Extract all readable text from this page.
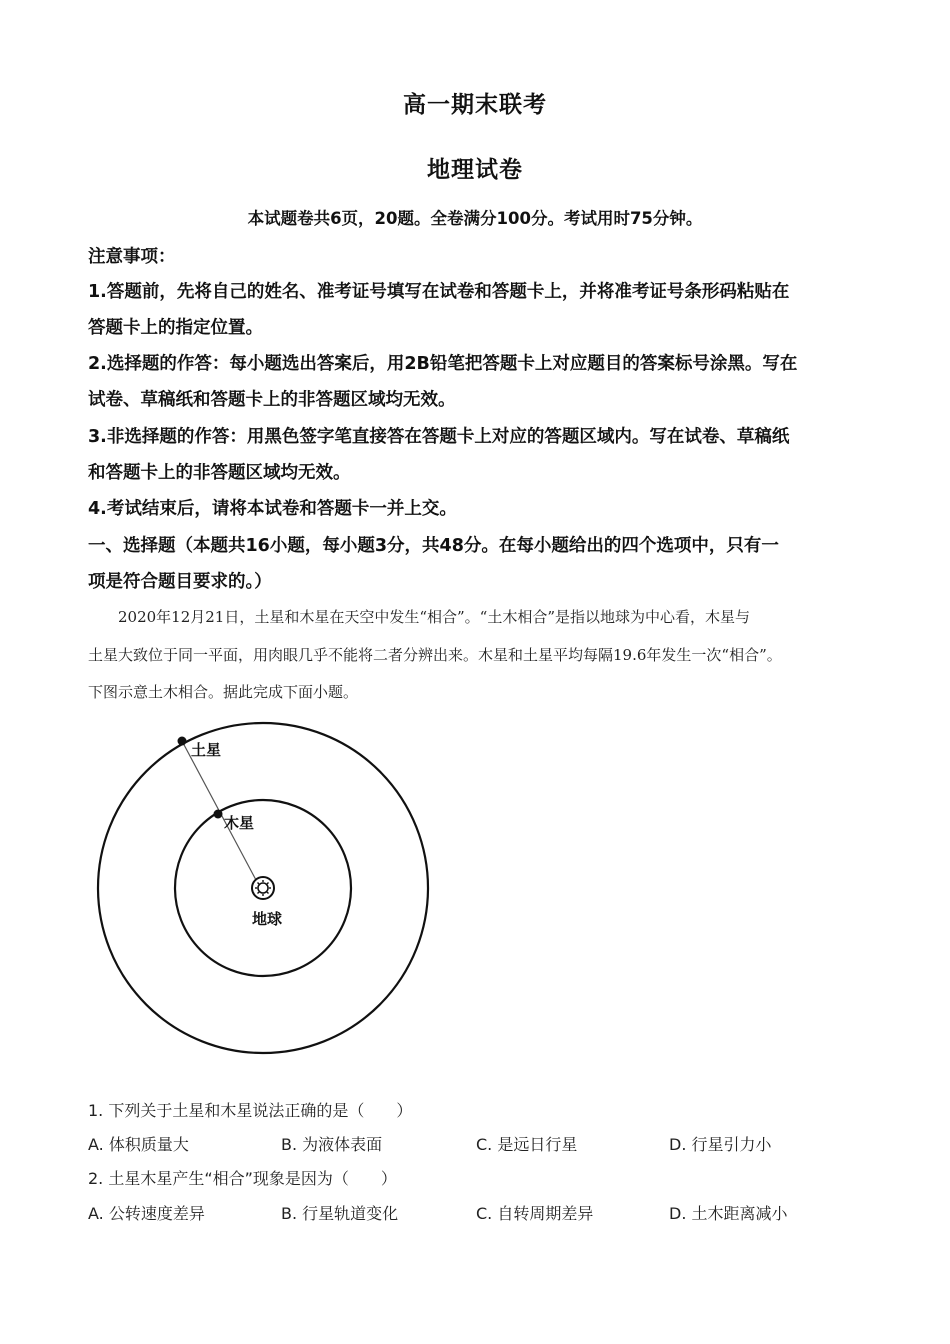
高一期末联考
地理试卷
本试题卷共6页，20题。全卷满分100分。考试用时75分钟。
注意事项：
1.答题前，先将自己的姓名、准考证号填写在试卷和答题卡上，并将准考证号条形码粘贴在
答题卡上的指定位置。
2.选择题的作答：每小题选出答案后，用2B铅笔把答题卡上对应题目的答案标号涂黑。写在
试卷、草稿纸和答题卡上的非答题区域均无效。
3.非选择题的作答：用黑色签字笔直接答在答题卡上对应的答题区域内。写在试卷、草稿纸
和答题卡上的非答题区域均无效。
4.考试结束后，请将本试卷和答题卡一并上交。
一、选择题（本题共16小题，每小题3分，共48分。在每小题给出的四个选项中，只有一
项是符合题目要求的。）
2020年12月21日，土星和木星在天空中发生“相合”。“土木相合”是指以地球为中心看，木星与
土星大致位于同一平面，用肉眼几乎不能将二者分辨出来。木星和土星平均每隔19.6年发生一次“相合”。
下图示意土木相合。据此完成下面小题。
土星
木星
地球
1. 下列关于土星和木星说法正确的是（　　）
A. 体积质量大	B. 为液体表面	C. 是远日行星	D. 行星引力小
2. 土星木星产生“相合”现象是因为（　　）
A. 公转速度差异	B. 行星轨道变化	C. 自转周期差异	D. 土木距离减小
